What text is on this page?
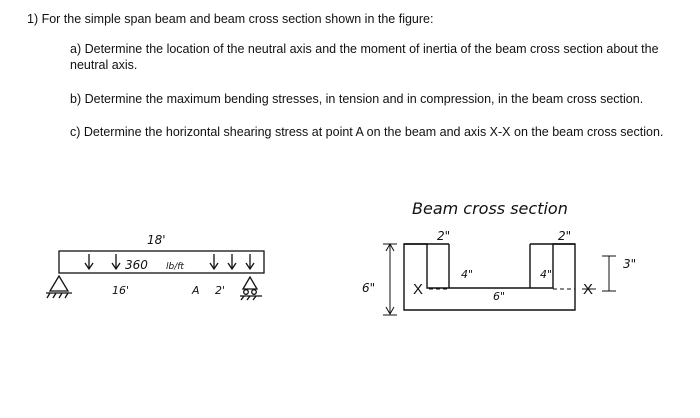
1) For the simple span beam and beam cross section shown in the figure:
a) Determine the location of the neutral axis and the moment of inertia of the beam cross section about the
neutral axis.
b) Determine the maximum bending stresses, in tension and in compression, in the beam cross section.
c) Determine the horizontal shearing stress at point A on the beam and axis X-X on the beam cross section.
18'
360 lb/ft
16'	A 2'
Beam cross section
2"	2"
6"
3"
4"	4"
6"
X	X
